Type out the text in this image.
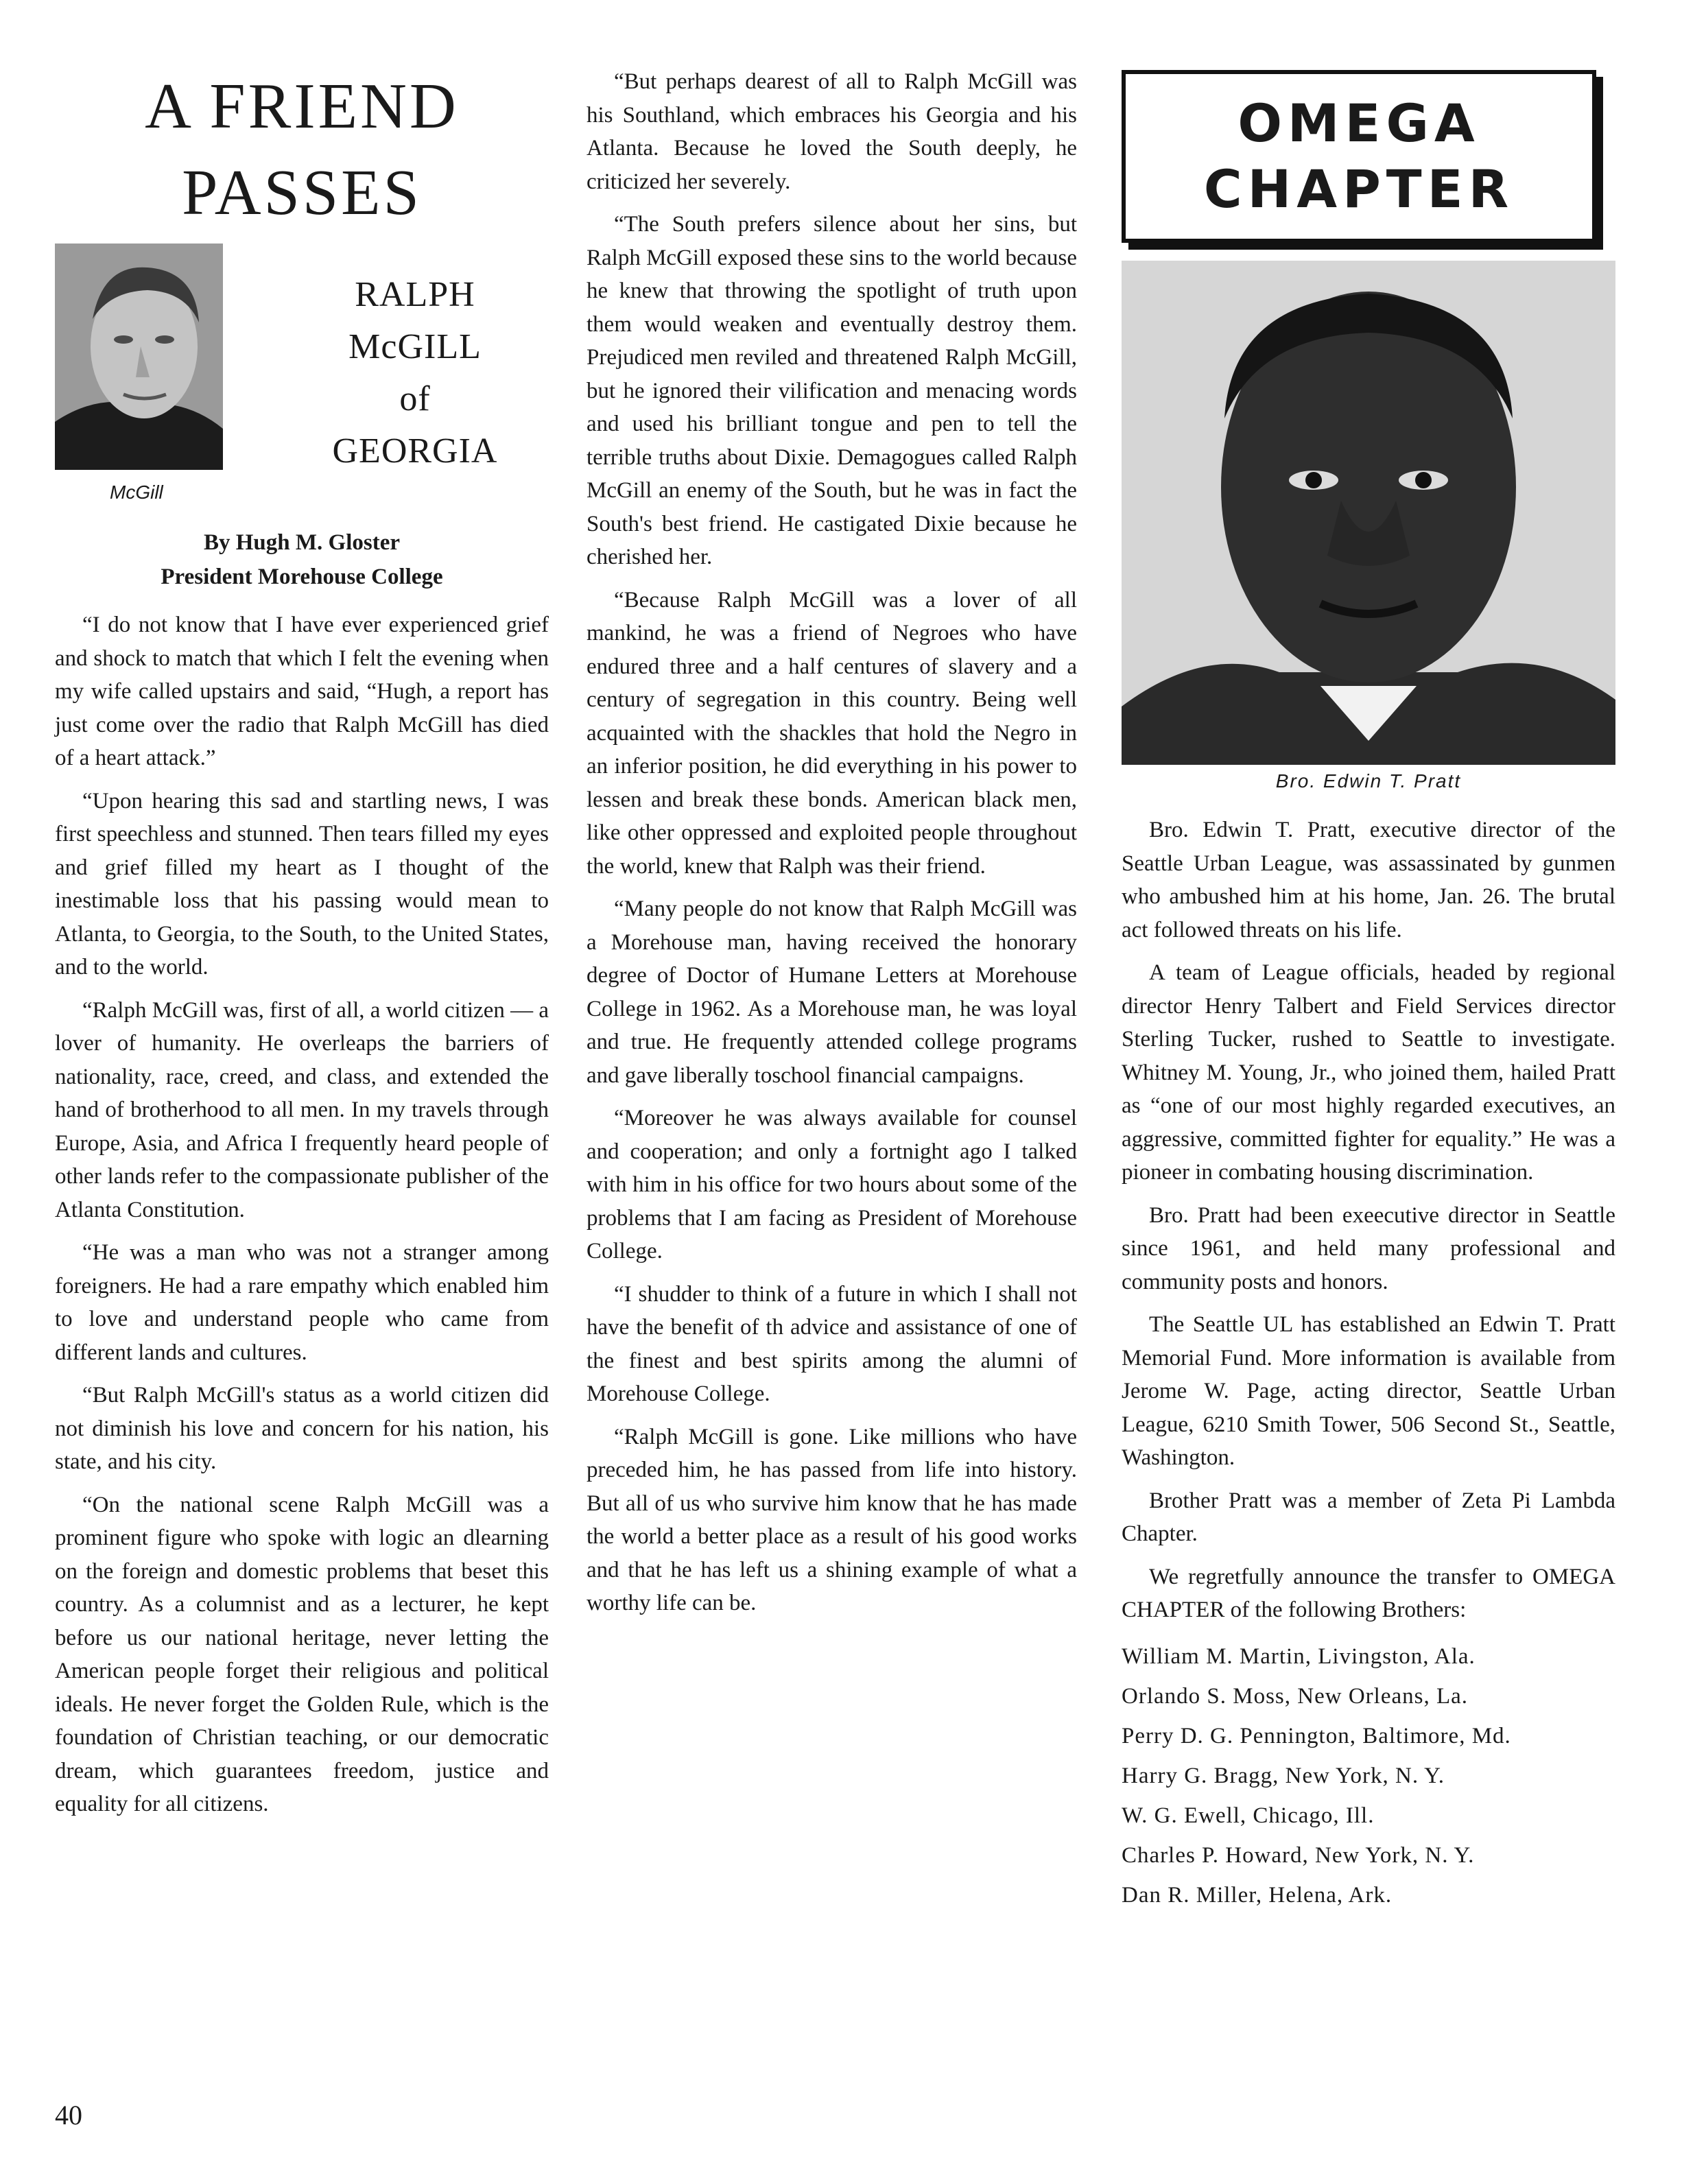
A FRIEND
PASSES
McGill
RALPH
McGILL
of
GEORGIA
By Hugh M. Gloster
President Morehouse College

“I do not know that I have ever experienced grief and shock to match that which I felt the evening when my wife called upstairs and said, “Hugh, a report has just come over the radio that Ralph McGill has died of a heart attack.”

“Upon hearing this sad and startling news, I was first speechless and stunned. Then tears filled my eyes and grief filled my heart as I thought of the inestimable loss that his passing would mean to Atlanta, to Georgia, to the South, to the United States, and to the world.

“Ralph McGill was, first of all, a world citizen — a lover of humanity. He overleaps the barriers of nationality, race, creed, and class, and extended the hand of brotherhood to all men. In my travels through Europe, Asia, and Africa I frequently heard people of other lands refer to the compassionate publisher of the Atlanta Constitution.

“He was a man who was not a stranger among foreigners. He had a rare empathy which enabled him to love and understand people who came from different lands and cultures.

“But Ralph McGill's status as a world citizen did not diminish his love and concern for his nation, his state, and his city.

“On the national scene Ralph McGill was a prominent figure who spoke with logic an dlearning on the foreign and domestic problems that beset this country. As a columnist and as a lecturer, he kept before us our national heritage, never letting the American people forget their religious and political ideals. He never forget the Golden Rule, which is the foundation of Christian teaching, or our democratic dream, which guarantees freedom, justice and equality for all citizens.

“But perhaps dearest of all to Ralph McGill was his Southland, which embraces his Georgia and his Atlanta. Because he loved the South deeply, he criticized her severely.

“The South prefers silence about her sins, but Ralph McGill exposed these sins to the world because he knew that throwing the spotlight of truth upon them would weaken and eventually destroy them. Prejudiced men reviled and threatened Ralph McGill, but he ignored their vilification and menacing words and used his brilliant tongue and pen to tell the terrible truths about Dixie. Demagogues called Ralph McGill an enemy of the South, but he was in fact the South's best friend. He castigated Dixie because he cherished her.

“Because Ralph McGill was a lover of all mankind, he was a friend of Negroes who have endured three and a half centures of slavery and a century of segregation in this country. Being well acquainted with the shackles that hold the Negro in an inferior position, he did everything in his power to lessen and break these bonds. American black men, like other oppressed and exploited people throughout the world, knew that Ralph was their friend.

“Many people do not know that Ralph McGill was a Morehouse man, having received the honorary degree of Doctor of Humane Letters at Morehouse College in 1962. As a Morehouse man, he was loyal and true. He frequently attended college programs and gave liberally toschool financial campaigns.

“Moreover he was always available for counsel and cooperation; and only a fortnight ago I talked with him in his office for two hours about some of the problems that I am facing as President of Morehouse College.

“I shudder to think of a future in which I shall not have the benefit of th advice and assistance of one of the finest and best spirits among the alumni of Morehouse College.

“Ralph McGill is gone. Like millions who have preceded him, he has passed from life into history. But all of us who survive him know that he has made the world a better place as a result of his good works and that he has left us a shining example of what a worthy life can be.

OMEGA
CHAPTER
Bro. Edwin T. Pratt

Bro. Edwin T. Pratt, executive director of the Seattle Urban League, was assassinated by gunmen who ambushed him at his home, Jan. 26. The brutal act followed threats on his life.

A team of League officials, headed by regional director Henry Talbert and Field Services director Sterling Tucker, rushed to Seattle to investigate. Whitney M. Young, Jr., who joined them, hailed Pratt as “one of our most highly regarded executives, an aggressive, committed fighter for equality.” He was a pioneer in combating housing discrimination.

Bro. Pratt had been exeecutive director in Seattle since 1961, and held many professional and community posts and honors.

The Seattle UL has established an Edwin T. Pratt Memorial Fund. More information is available from Jerome W. Page, acting director, Seattle Urban League, 6210 Smith Tower, 506 Second St., Seattle, Washington.

Brother Pratt was a member of Zeta Pi Lambda Chapter.

We regretfully announce the transfer to OMEGA CHAPTER of the following Brothers:

William M. Martin, Livingston, Ala.
Orlando S. Moss, New Orleans, La.
Perry D. G. Pennington, Baltimore, Md.
Harry G. Bragg, New York, N. Y.
W. G. Ewell, Chicago, Ill.
Charles P. Howard, New York, N. Y.
Dan R. Miller, Helena, Ark.
40
